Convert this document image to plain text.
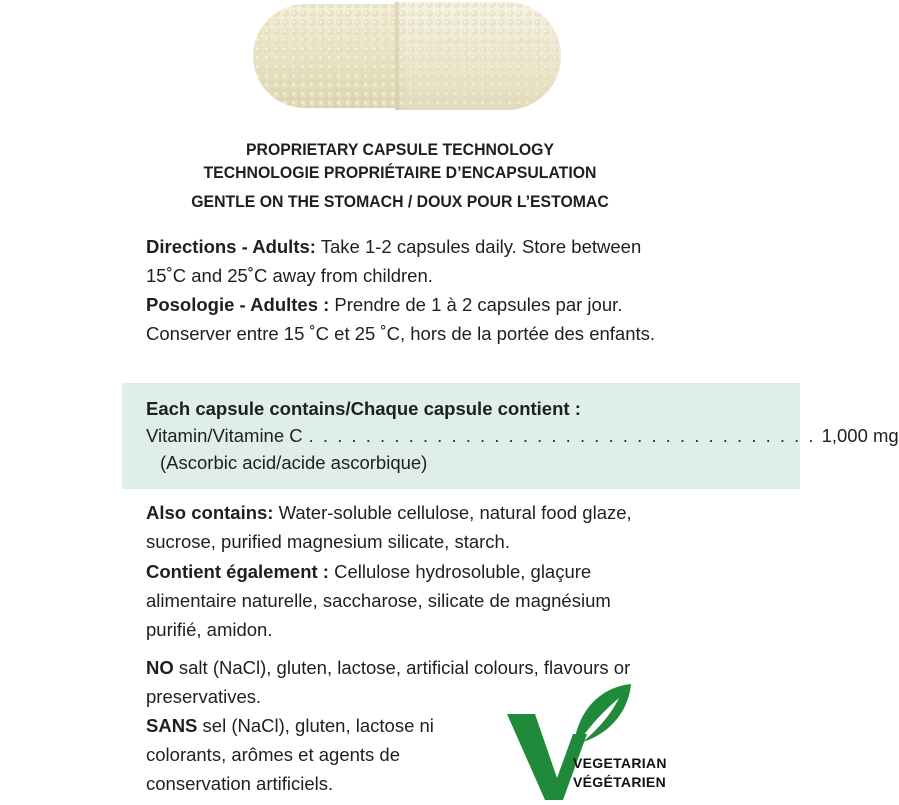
PROPRIETARY CAPSULE TECHNOLOGY
TECHNOLOGIE PROPRIÉTAIRE D’ENCAPSULATION
GENTLE ON THE STOMACH / DOUX POUR L’ESTOMAC

Directions - Adults: Take 1-2 capsules daily. Store between 15˚C and 25˚C away from children.

Posologie - Adultes : Prendre de 1 à 2 capsules par jour. Conserver entre 15 ˚C et 25 ˚C, hors de la portée des enfants.

Each capsule contains/Chaque capsule contient :
Vitamin/Vitamine C . . . . . . . . . . . . . . . . . . . . . . . . . . . . . . . . . . . . 1,000 mg
(Ascorbic acid/acide ascorbique)

Also contains: Water-soluble cellulose, natural food glaze, sucrose, purified magnesium silicate, starch.

Contient également : Cellulose hydrosoluble, glaçure alimentaire naturelle, saccharose, silicate de magnésium purifié, amidon.

NO salt (NaCl), gluten, lactose, artificial colours, flavours or preservatives.

SANS sel (NaCl), gluten, lactose ni colorants, arômes et agents de conservation artificiels.

VEGETARIAN
VÉGÉTARIEN
